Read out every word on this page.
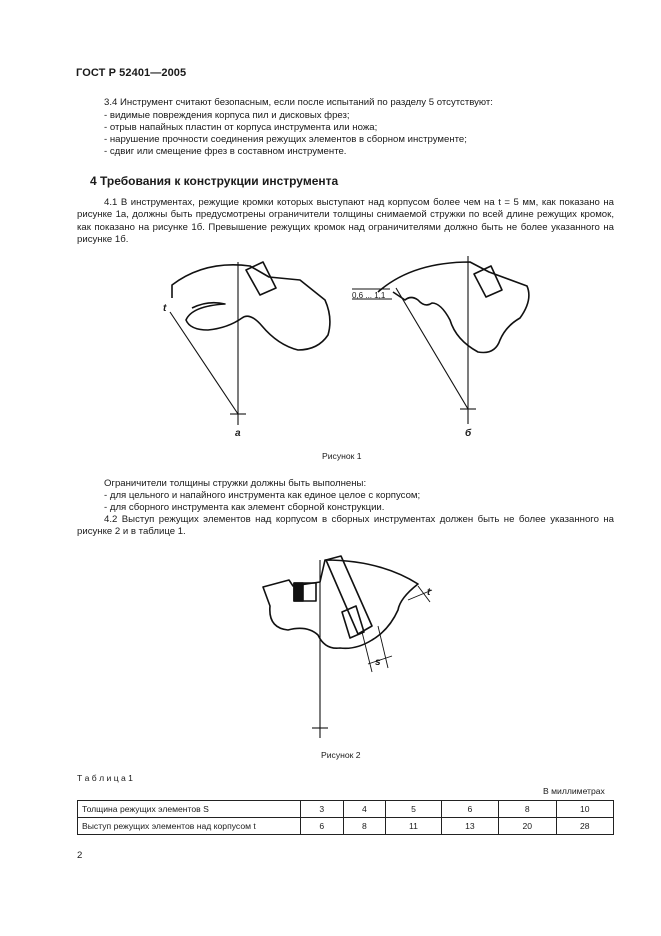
ГОСТ Р 52401—2005
3.4 Инструмент считают безопасным, если после испытаний по разделу 5 отсутствуют:
- видимые повреждения корпуса пил и дисковых фрез;
- отрыв напайных пластин от корпуса инструмента или ножа;
- нарушение прочности соединения режущих элементов в сборном инструменте;
- сдвиг или смещение фрез в составном инструменте.
4 Требования к конструкции инструмента
4.1 В инструментах, режущие кромки которых выступают над корпусом более чем на t = 5 мм, как показано на рисунке 1а, должны быть предусмотрены ограничители толщины снимаемой стружки по всей длине режущих кромок, как показано на рисунке 1б. Превышение режущих кромок над ограничителями должно быть не более указанного на рисунке 1б.
t
а	б
0,6 ... 1,1
Рисунок 1
Ограничители толщины стружки должны быть выполнены:
- для цельного и напайного инструмента как единое целое с корпусом;
- для сборного инструмента как элемент сборной конструкции.
4.2 Выступ режущих элементов над корпусом в сборных инструментах должен быть не более указанного на рисунке 2 и в таблице 1.
t
s
Рисунок 2
Т а б л и ц а 1
В миллиметрах
Толщина режущих элементов S	3	4	5	6	8	10
Выступ режущих элементов над корпусом t	6	8	11	13	20	28
2
